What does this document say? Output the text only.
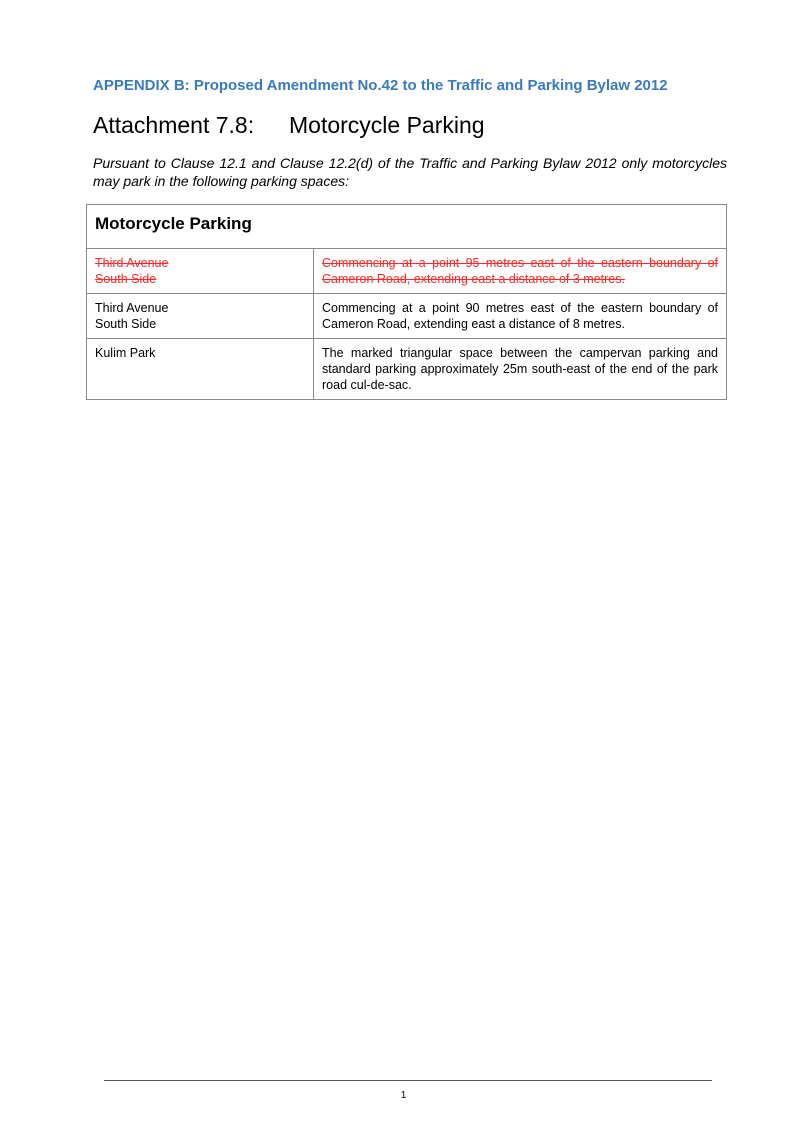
APPENDIX B: Proposed Amendment No.42 to the Traffic and Parking Bylaw 2012
Attachment 7.8: Motorcycle Parking

Pursuant to Clause 12.1 and Clause 12.2(d) of the Traffic and Parking Bylaw 2012 only motorcycles may park in the following parking spaces:

Motorcycle Parking	
Third Avenue
South Side	Commencing at a point 95 metres east of the eastern boundary of Cameron Road, extending east a distance of 3 metres.
Third Avenue
South Side	Commencing at a point 90 metres east of the eastern boundary of Cameron Road, extending east a distance of 8 metres.
Kulim Park	The marked triangular space between the campervan parking and standard parking approximately 25m south-east of the end of the park road cul-de-sac.
1
